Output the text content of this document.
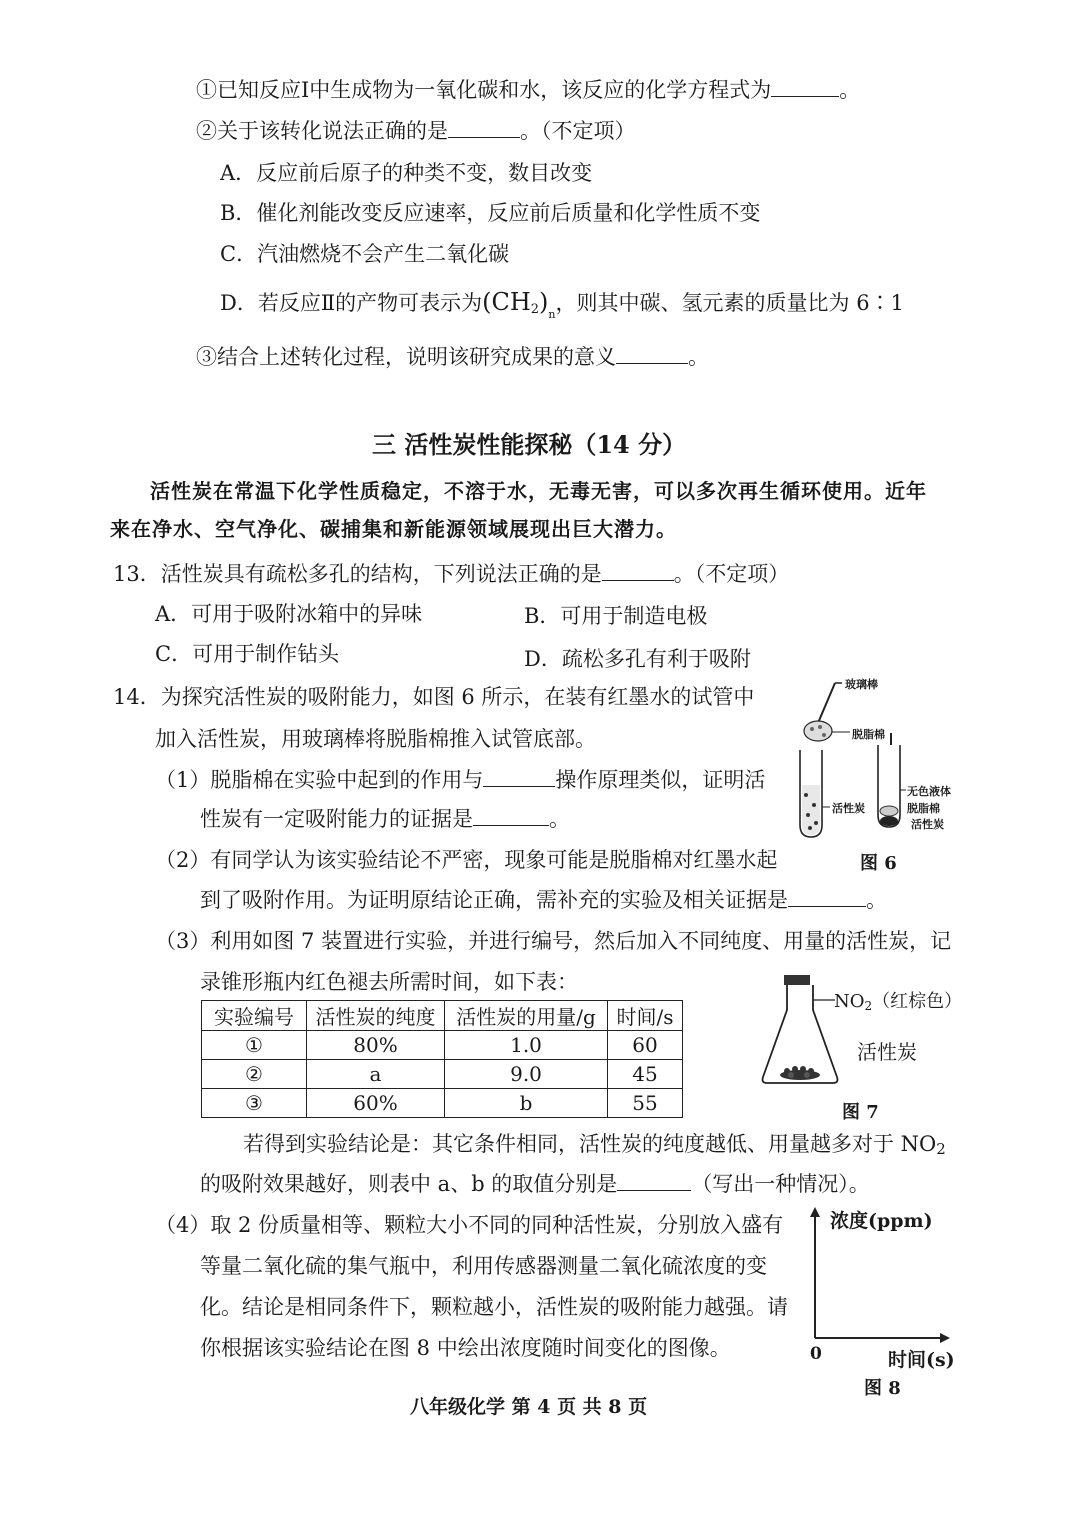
①已知反应Ⅰ中生成物为一氧化碳和水，该反应的化学方程式为	。
②关于该转化说法正确的是	。（不定项）
A．反应前后原子的种类不变，数目改变
B．催化剂能改变反应速率，反应前后质量和化学性质不变
C．汽油燃烧不会产生二氧化碳
D．若反应Ⅱ的产物可表示为$(CH_2)_n$，则其中碳、氢元素的质量比为 6∶1
③结合上述转化过程，说明该研究成果的意义	。
三 活性炭性能探秘（14 分）
活性炭在常温下化学性质稳定，不溶于水，无毒无害，可以多次再生循环使用。近年
来在净水、空气净化、碳捕集和新能源领域展现出巨大潜力。
13．活性炭具有疏松多孔的结构，下列说法正确的是	。（不定项）
A．可用于吸附冰箱中的异味	B．可用于制造电极
C．可用于制作钻头	D．疏松多孔有利于吸附
14．为探究活性炭的吸附能力，如图 6 所示，在装有红墨水的试管中
加入活性炭，用玻璃棒将脱脂棉推入试管底部。
（1）脱脂棉在实验中起到的作用与	操作原理类似，证明活
性炭有一定吸附能力的证据是	。
（2）有同学认为该实验结论不严密，现象可能是脱脂棉对红墨水起
到了吸附作用。为证明原结论正确，需补充的实验及相关证据是	。
（3）利用如图 7 装置进行实验，并进行编号，然后加入不同纯度、用量的活性炭，记
录锥形瓶内红色褪去所需时间，如下表：
实验编号	活性炭的纯度	活性炭的用量/g	时间/s
①	80%	1.0	60
②	a	9.0	45
③	60%	b	55
若得到实验结论是：其它条件相同，活性炭的纯度越低、用量越多对于 $NO_2$
的吸附效果越好，则表中 a、b 的取值分别是	（写出一种情况）。
（4）取 2 份质量相等、颗粒大小不同的同种活性炭，分别放入盛有
等量二氧化硫的集气瓶中，利用传感器测量二氧化硫浓度的变
化。结论是相同条件下，颗粒越小，活性炭的吸附能力越强。请
你根据该实验结论在图 8 中绘出浓度随时间变化的图像。
玻璃棒
脱脂棉
活性炭
无色液体
脱脂棉
活性炭
图 6
$NO_2$（红棕色）
活性炭
图 7
浓度(ppm)
0	时间(s)
图 8
八年级化学 第 4 页 共 8 页
